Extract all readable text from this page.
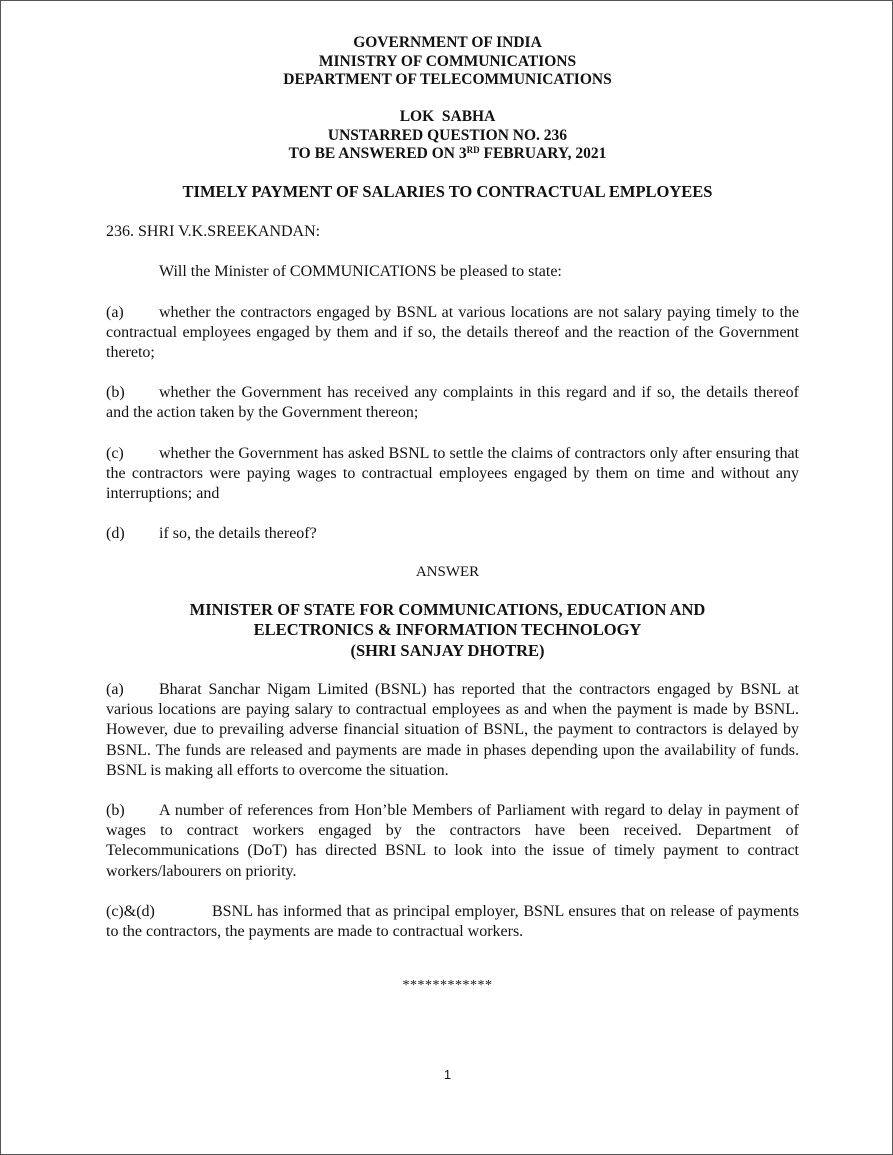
GOVERNMENT OF INDIA
MINISTRY OF COMMUNICATIONS
DEPARTMENT OF TELECOMMUNICATIONS
LOK  SABHA
UNSTARRED QUESTION NO. 236
TO BE ANSWERED ON 3RD FEBRUARY, 2021
TIMELY PAYMENT OF SALARIES TO CONTRACTUAL EMPLOYEES
236. SHRI V.K.SREEKANDAN:
Will the Minister of COMMUNICATIONS be pleased to state:
(a) whether the contractors engaged by BSNL at various locations are not salary paying timely to the contractual employees engaged by them and if so, the details thereof and the reaction of the Government thereto;
(b) whether the Government has received any complaints in this regard and if so, the details thereof and the action taken by the Government thereon;
(c) whether the Government has asked BSNL to settle the claims of contractors only after ensuring that the contractors were paying wages to contractual employees engaged by them on time and without any interruptions; and
(d) if so, the details thereof?
ANSWER
MINISTER OF STATE FOR COMMUNICATIONS, EDUCATION AND
ELECTRONICS & INFORMATION TECHNOLOGY
(SHRI SANJAY DHOTRE)
(a) Bharat Sanchar Nigam Limited (BSNL) has reported that the contractors engaged by BSNL at various locations are paying salary to contractual employees as and when the payment is made by BSNL. However, due to prevailing adverse financial situation of BSNL, the payment to contractors is delayed by BSNL. The funds are released and payments are made in phases depending upon the availability of funds. BSNL is making all efforts to overcome the situation.
(b) A number of references from Hon’ble Members of Parliament with regard to delay in payment of wages to contract workers engaged by the contractors have been received. Department of Telecommunications (DoT) has directed BSNL to look into the issue of timely payment to contract workers/labourers on priority.
(c)&(d)	BSNL has informed that as principal employer, BSNL ensures that on release of payments to the contractors, the payments are made to contractual workers.
************
1
